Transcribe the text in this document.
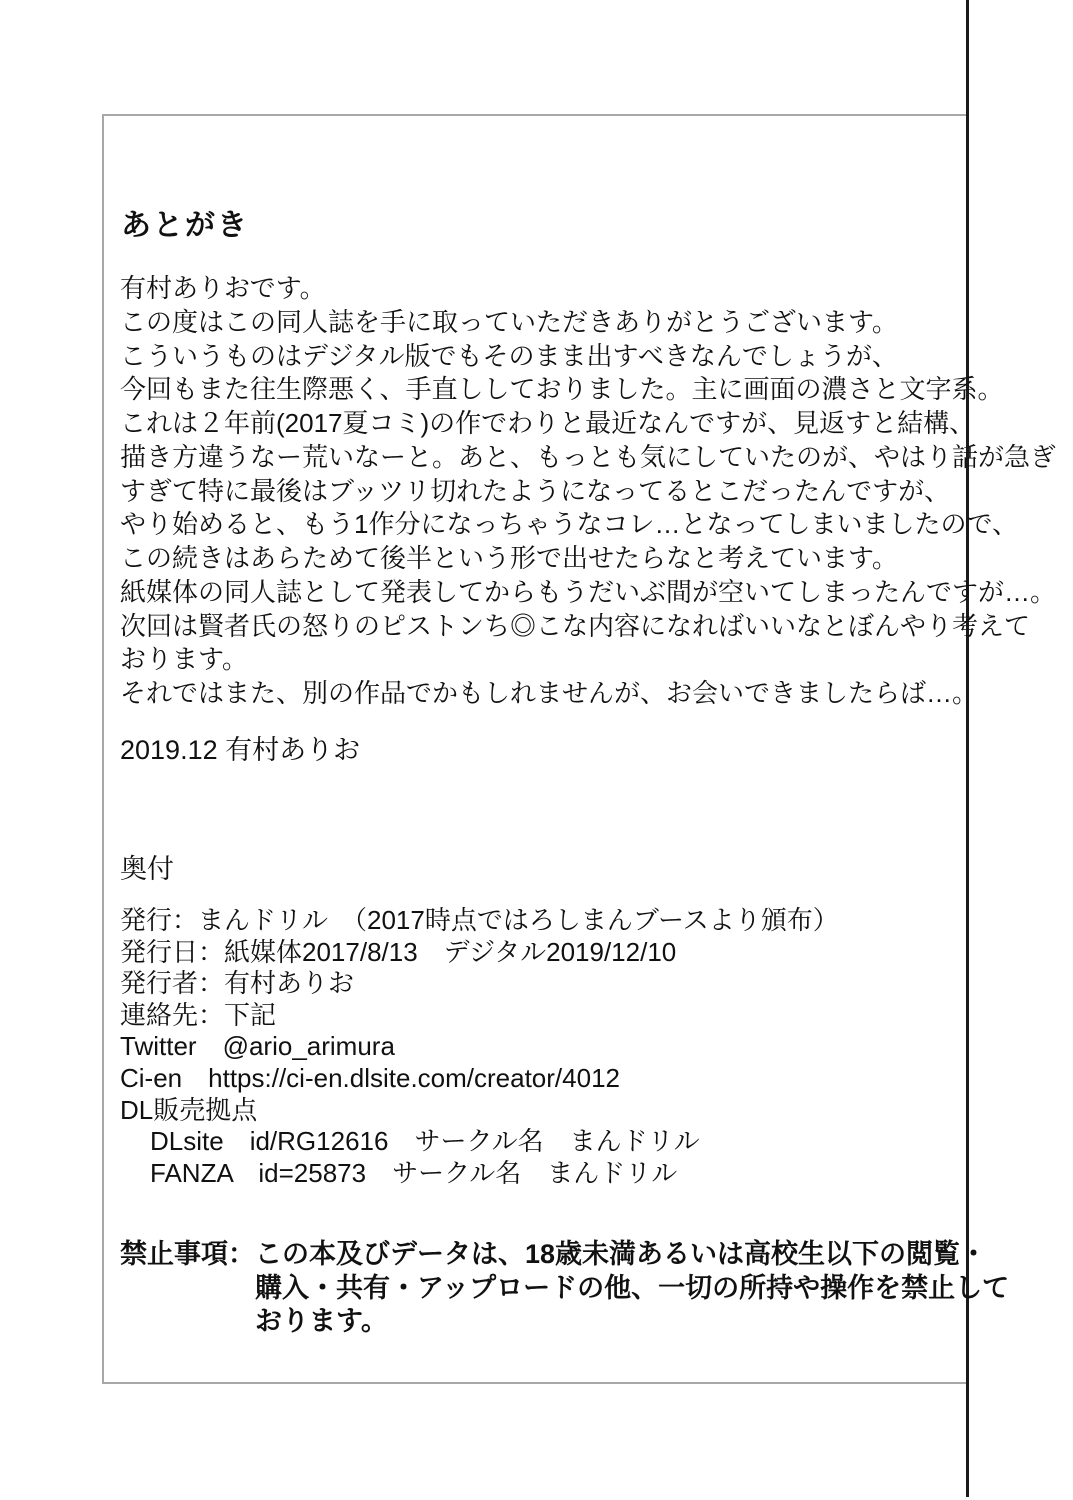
あとがき
有村ありおです。
この度はこの同人誌を手に取っていただきありがとうございます。
こういうものはデジタル版でもそのまま出すべきなんでしょうが、
今回もまた往生際悪く、手直ししておりました。主に画面の濃さと文字系。
これは２年前(2017夏コミ)の作でわりと最近なんですが、見返すと結構、
描き方違うなー荒いなーと。あと、もっとも気にしていたのが、やはり話が急ぎ
すぎて特に最後はブッツリ切れたようになってるとこだったんですが、
やり始めると、もう1作分になっちゃうなコレ…となってしまいましたので、
この続きはあらためて後半という形で出せたらなと考えています。
紙媒体の同人誌として発表してからもうだいぶ間が空いてしまったんですが…。
次回は賢者氏の怒りのピストンち◎こな内容になればいいなとぼんやり考えて
おります。
それではまた、別の作品でかもしれませんが、お会いできましたらば…。
2019.12 有村ありお
奥付
発行：まんドリル　（2017時点ではろしまんブースより頒布）
発行日：紙媒体2017/8/13　デジタル2019/12/10
発行者：有村ありお
連絡先：下記
Twitter　@ario_arimura
Ci-en　https://ci-en.dlsite.com/creator/4012
DL販売拠点
DLsite　id/RG12616　サークル名　まんドリル
FANZA　id=25873　サークル名　まんドリル
禁止事項： この本及びデータは、18歳未満あるいは高校生以下の閲覧・
購入・共有・アップロードの他、一切の所持や操作を禁止して
おります。
